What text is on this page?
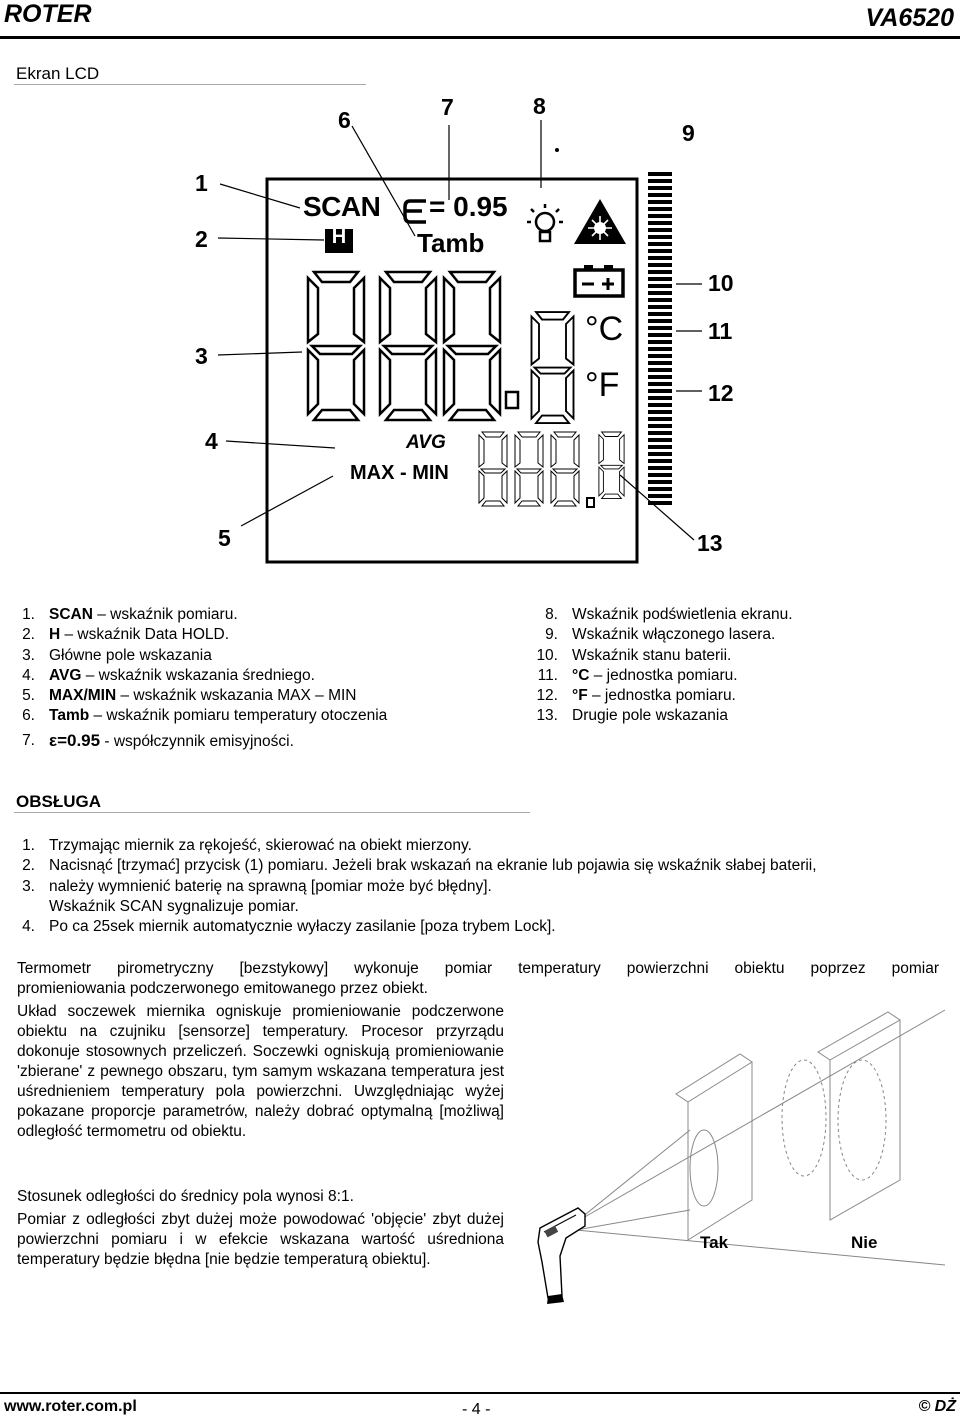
ROTER	VA6520
Ekran LCD
SCAN = 0.95
H	Tamb
°C
°F
AVG
MAX - MIN
1
2
3
4
5
6	7	8
9
10
11
12
13
1. SCAN – wskaźnik pomiaru.
2. H – wskaźnik Data HOLD.
3. Główne pole wskazania
4. AVG – wskaźnik wskazania średniego.
5. MAX/MIN – wskaźnik wskazania MAX – MIN
6. Tamb – wskaźnik pomiaru temperatury otoczenia
7. ε=0.95 - współczynnik emisyjności.
8. Wskaźnik podświetlenia ekranu.
9. Wskaźnik włączonego lasera.
10. Wskaźnik stanu baterii.
11. °C – jednostka pomiaru.
12. °F – jednostka pomiaru.
13. Drugie pole wskazania
OBSŁUGA
1. Trzymając miernik za rękojeść, skierować na obiekt mierzony.
2. Nacisnąć [trzymać] przycisk (1) pomiaru. Jeżeli brak wskazań na ekranie lub pojawia się wskaźnik słabej baterii,
3. należy wymnienić baterię na sprawną [pomiar może być błędny].
Wskaźnik SCAN sygnalizuje pomiar.
4. Po ca 25sek miernik automatycznie wyłaczy zasilanie [poza trybem Lock].
Termometr pirometryczny [bezstykowy] wykonuje pomiar temperatury powierzchni obiektu poprzez pomiar
promieniowania podczerwonego emitowanego przez obiekt.
Układ soczewek miernika ogniskuje promieniowanie podczerwone obiektu na czujniku [sensorze] temperatury. Procesor przyrządu dokonuje stosownych przeliczeń. Soczewki ogniskują promieniowanie 'zbierane' z pewnego obszaru, tym samym wskazana temperatura jest uśrednieniem temperatury pola powierzchni. Uwzględniając wyżej pokazane proporcje parametrów, należy dobrać optymalną [możliwą] odległość termometru od obiektu.
Stosunek odległości do średnicy pola wynosi 8:1.
Pomiar z odległości zbyt dużej może powodować 'objęcie' zbyt dużej powierzchni pomiaru i w efekcie wskazana wartość uśredniona temperatury będzie błędna [nie będzie temperaturą obiektu].
Tak	Nie
www.roter.com.pl	- 4 -	© DŻ
